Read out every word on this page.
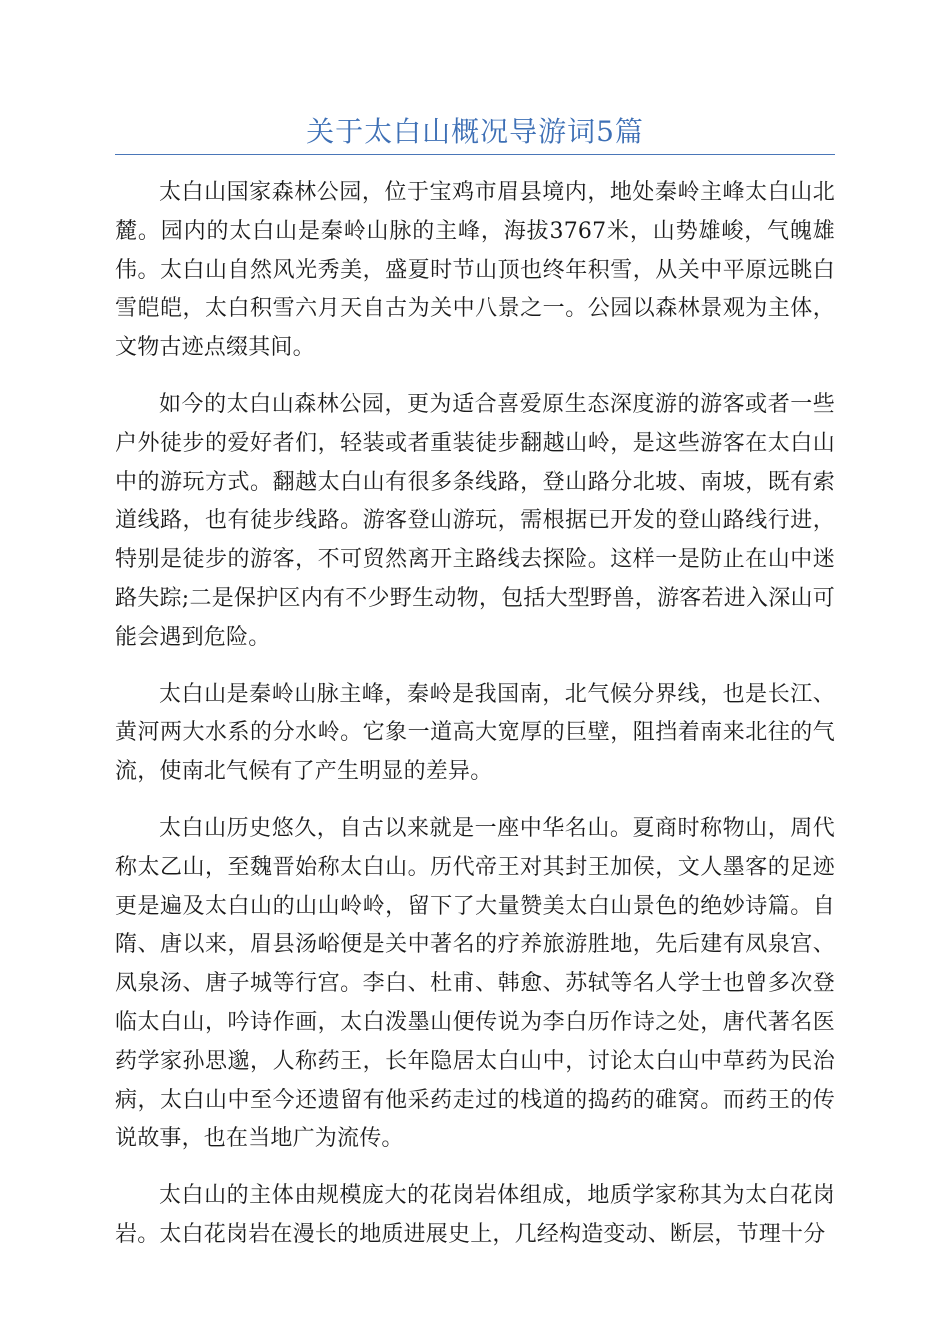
关于太白山概况导游词5篇

太白山国家森林公园，位于宝鸡市眉县境内，地处秦岭主峰太白山北麓。园内的太白山是秦岭山脉的主峰，海拔3767米，山势雄峻，气魄雄伟。太白山自然风光秀美，盛夏时节山顶也终年积雪，从关中平原远眺白雪皑皑，太白积雪六月天自古为关中八景之一。公园以森林景观为主体，文物古迹点缀其间。

如今的太白山森林公园，更为适合喜爱原生态深度游的游客或者一些户外徒步的爱好者们，轻装或者重装徒步翻越山岭，是这些游客在太白山中的游玩方式。翻越太白山有很多条线路，登山路分北坡、南坡，既有索道线路，也有徒步线路。游客登山游玩，需根据已开发的登山路线行进，特别是徒步的游客，不可贸然离开主路线去探险。这样一是防止在山中迷路失踪;二是保护区内有不少野生动物，包括大型野兽，游客若进入深山可能会遇到危险。

太白山是秦岭山脉主峰，秦岭是我国南，北气候分界线，也是长江、黄河两大水系的分水岭。它象一道高大宽厚的巨壁，阻挡着南来北往的气流，使南北气候有了产生明显的差异。

太白山历史悠久，自古以来就是一座中华名山。夏商时称物山，周代称太乙山，至魏晋始称太白山。历代帝王对其封王加侯，文人墨客的足迹更是遍及太白山的山山岭岭，留下了大量赞美太白山景色的绝妙诗篇。自隋、唐以来，眉县汤峪便是关中著名的疗养旅游胜地，先后建有凤泉宫、凤泉汤、唐子城等行宫。李白、杜甫、韩愈、苏轼等名人学士也曾多次登临太白山，吟诗作画，太白泼墨山便传说为李白历作诗之处，唐代著名医药学家孙思邈，人称药王，长年隐居太白山中，讨论太白山中草药为民治病，太白山中至今还遗留有他采药走过的栈道的捣药的碓窝。而药王的传说故事，也在当地广为流传。

太白山的主体由规模庞大的花岗岩体组成，地质学家称其为太白花岗岩。太白花岗岩在漫长的地质进展史上，几经构造变动、断层，节理十分
